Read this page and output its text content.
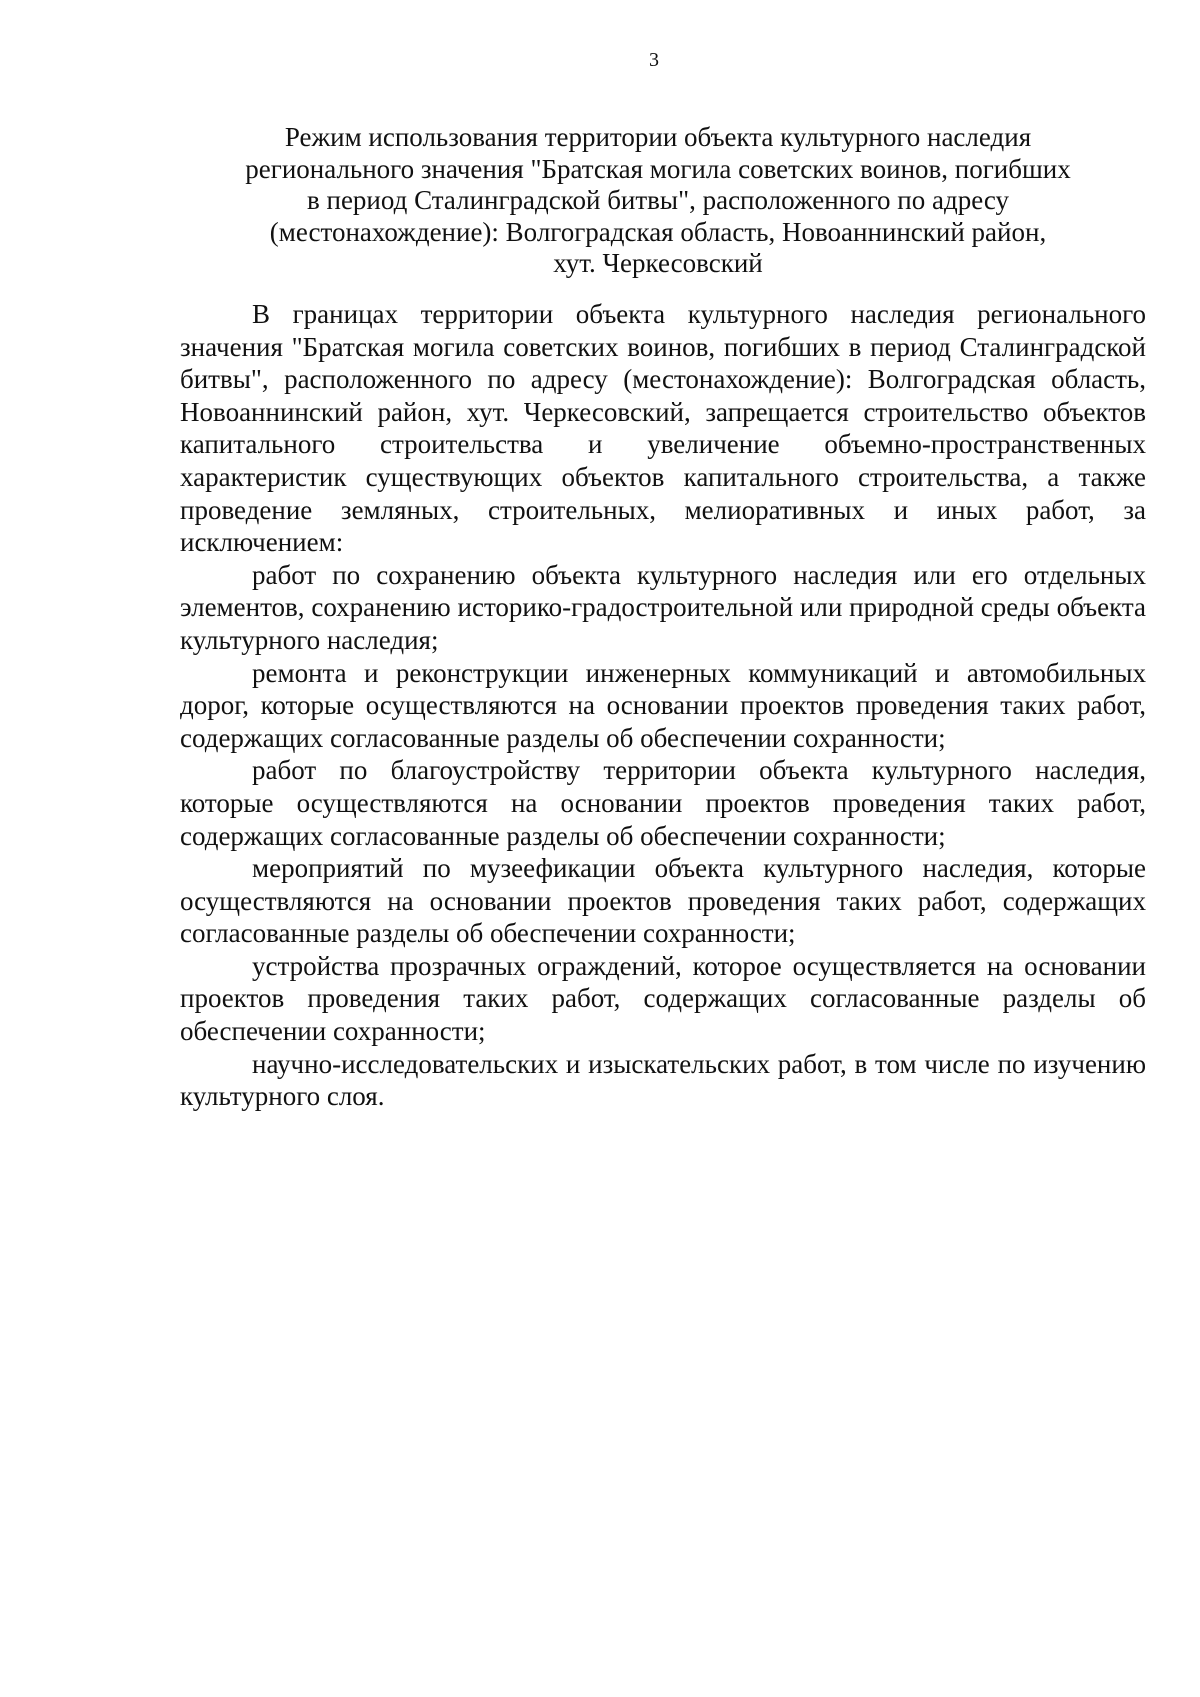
3
Режим использования территории объекта культурного наследия
регионального значения "Братская могила советских воинов, погибших
в период Сталинградской битвы", расположенного по адресу
(местонахождение): Волгоградская область, Новоаннинский район,
хут. Черкесовский

В границах территории объекта культурного наследия регионального значения "Братская могила советских воинов, погибших в период Сталинградской битвы", расположенного по адресу (местонахождение): Волгоградская область, Новоаннинский район, хут. Черкесовский, запрещается строительство объектов капитального строительства и увеличение объемно-пространственных характеристик существующих объектов капитального строительства, а также проведение земляных, строительных, мелиоративных и иных работ, за исключением:

работ по сохранению объекта культурного наследия или его отдельных элементов, сохранению историко-градостроительной или природной среды объекта культурного наследия;

ремонта и реконструкции инженерных коммуникаций и автомобильных дорог, которые осуществляются на основании проектов проведения таких работ, содержащих согласованные разделы об обеспечении сохранности;

работ по благоустройству территории объекта культурного наследия, которые осуществляются на основании проектов проведения таких работ, содержащих согласованные разделы об обеспечении сохранности;

мероприятий по музеефикации объекта культурного наследия, которые осуществляются на основании проектов проведения таких работ, содержащих согласованные разделы об обеспечении сохранности;

устройства прозрачных ограждений, которое осуществляется на основании проектов проведения таких работ, содержащих согласованные разделы об обеспечении сохранности;

научно-исследовательских и изыскательских работ, в том числе по изучению культурного слоя.
